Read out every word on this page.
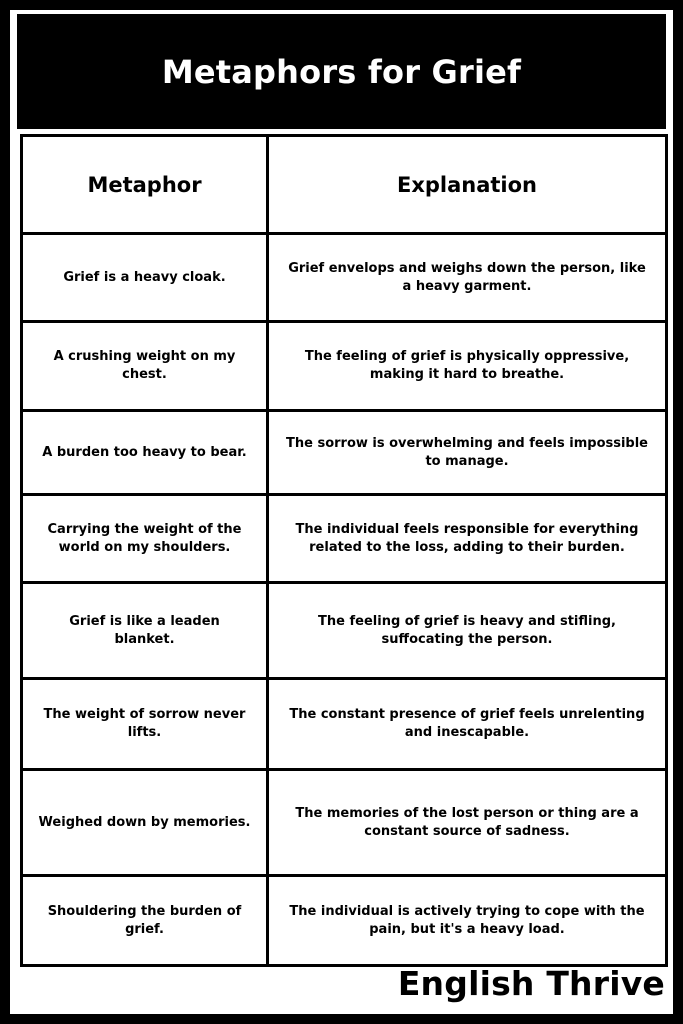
Metaphors for Grief
Metaphor	Explanation
Grief is a heavy cloak.	Grief envelops and weighs down the person, like a heavy garment.
A crushing weight on my chest.	The feeling of grief is physically oppressive, making it hard to breathe.
A burden too heavy to bear.	The sorrow is overwhelming and feels impossible to manage.
Carrying the weight of the world on my shoulders.	The individual feels responsible for everything related to the loss, adding to their burden.
Grief is like a leaden blanket.	The feeling of grief is heavy and stifling, suffocating the person.
The weight of sorrow never lifts.	The constant presence of grief feels unrelenting and inescapable.
Weighed down by memories.	The memories of the lost person or thing are a constant source of sadness.
Shouldering the burden of grief.	The individual is actively trying to cope with the pain, but it's a heavy load.
English Thrive
